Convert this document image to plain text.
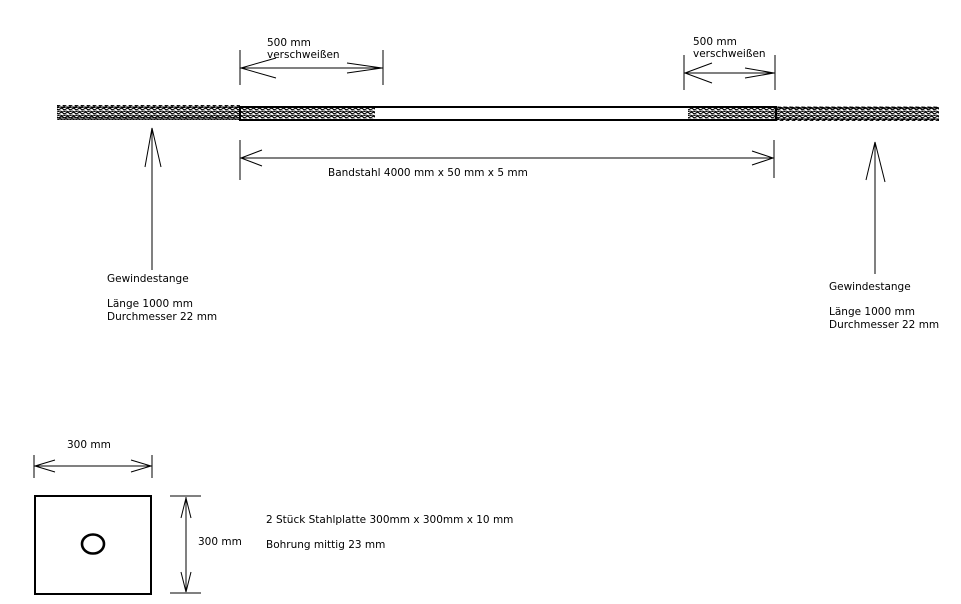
500 mm
verschweißen
500 mm
verschweißen
Bandstahl 4000 mm x 50 mm x 5 mm
Gewindestange
Länge 1000 mm
Durchmesser 22 mm
Gewindestange
Länge 1000 mm
Durchmesser 22 mm
300 mm
300 mm
2 Stück Stahlplatte 300mm x 300mm x 10 mm
Bohrung mittig 23 mm
